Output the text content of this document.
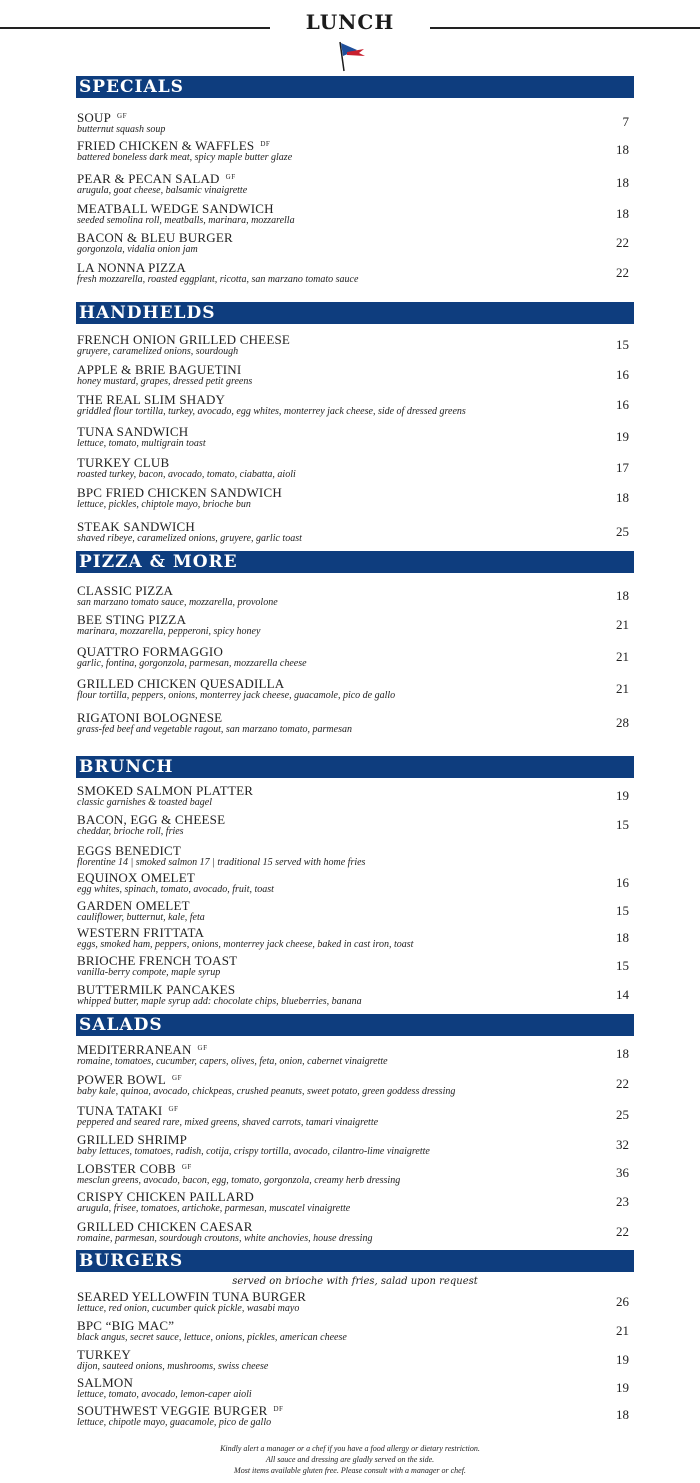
LUNCH
SPECIALS
SOUP $^{GF}$
butternut squash soup
7
FRIED CHICKEN & WAFFLES $^{DF}$
battered boneless dark meat, spicy maple butter glaze
18
PEAR & PECAN SALAD $^{GF}$
arugula, goat cheese, balsamic vinaigrette
18
MEATBALL WEDGE SANDWICH
seeded semolina roll, meatballs, marinara, mozzarella	18
BACON & BLEU BURGER
gorgonzola, vidalia onion jam	22
LA NONNA PIZZA
fresh mozzarella, roasted eggplant, ricotta, san marzano tomato sauce	22
HANDHELDS
FRENCH ONION GRILLED CHEESE
gruyere, caramelized onions, sourdough	15
APPLE & BRIE BAGUETINI
honey mustard, grapes, dressed petit greens	16
THE REAL SLIM SHADY
griddled flour tortilla, turkey, avocado, egg whites, monterrey jack cheese, side of dressed greens	16
TUNA SANDWICH
lettuce, tomato, multigrain toast	19
TURKEY CLUB
roasted turkey, bacon, avocado, tomato, ciabatta, aioli	17
BPC FRIED CHICKEN SANDWICH
lettuce, pickles, chiptole mayo, brioche bun	18
STEAK SANDWICH
shaved ribeye, caramelized onions, gruyere, garlic toast	25
PIZZA & MORE
CLASSIC PIZZA
san marzano tomato sauce, mozzarella, provolone	18
BEE STING PIZZA
marinara, mozzarella, pepperoni, spicy honey	21
QUATTRO FORMAGGIO
garlic, fontina, gorgonzola, parmesan, mozzarella cheese	21
GRILLED CHICKEN QUESADILLA
flour tortilla, peppers, onions, monterrey jack cheese, guacamole, pico de gallo	21
RIGATONI BOLOGNESE
grass-fed beef and vegetable ragout, san marzano tomato, parmesan	28
BRUNCH
SMOKED SALMON PLATTER
classic garnishes & toasted bagel	19
BACON, EGG & CHEESE
cheddar, brioche roll, fries	15
EGGS BENEDICT
florentine 14 | smoked salmon 17 | traditional 15 served with home fries
EQUINOX OMELET
egg whites, spinach, tomato, avocado, fruit, toast	16
GARDEN OMELET
cauliflower, butternut, kale, feta	15
WESTERN FRITTATA
eggs, smoked ham, peppers, onions, monterrey jack cheese, baked in cast iron, toast	18
BRIOCHE FRENCH TOAST
vanilla-berry compote, maple syrup	15
BUTTERMILK PANCAKES
whipped butter, maple syrup add: chocolate chips, blueberries, banana	14
SALADS
MEDITERRANEAN $^{GF}$
romaine, tomatoes, cucumber, capers, olives, feta, onion, cabernet vinaigrette
18
POWER BOWL $^{GF}$
baby kale, quinoa, avocado, chickpeas, crushed peanuts, sweet potato, green goddess dressing
22
TUNA TATAKI $^{GF}$
peppered and seared rare, mixed greens, shaved carrots, tamari vinaigrette
25
GRILLED SHRIMP
baby lettuces, tomatoes, radish, cotija, crispy tortilla, avocado, cilantro-lime vinaigrette	32
LOBSTER COBB $^{GF}$
mesclun greens, avocado, bacon, egg, tomato, gorgonzola, creamy herb dressing
36
CRISPY CHICKEN PAILLARD
arugula, frisee, tomatoes, artichoke, parmesan, muscatel vinaigrette	23
GRILLED CHICKEN CAESAR
romaine, parmesan, sourdough croutons, white anchovies, house dressing	22
BURGERS
served on brioche with fries, salad upon request
SEARED YELLOWFIN TUNA BURGER
lettuce, red onion, cucumber quick pickle, wasabi mayo	26
BPC “BIG MAC”
black angus, secret sauce, lettuce, onions, pickles, american cheese	21
TURKEY
dijon, sauteed onions, mushrooms, swiss cheese	19
SALMON
lettuce, tomato, avocado, lemon-caper aioli	19
SOUTHWEST VEGGIE BURGER $^{DF}$
lettuce, chipotle mayo, guacamole, pico de gallo
18
Kindly alert a manager or a chef if you have a food allergy or dietary restriction.
All sauce and dressing are gladly served on the side.
Most items available gluten free. Please consult with a manager or chef.
